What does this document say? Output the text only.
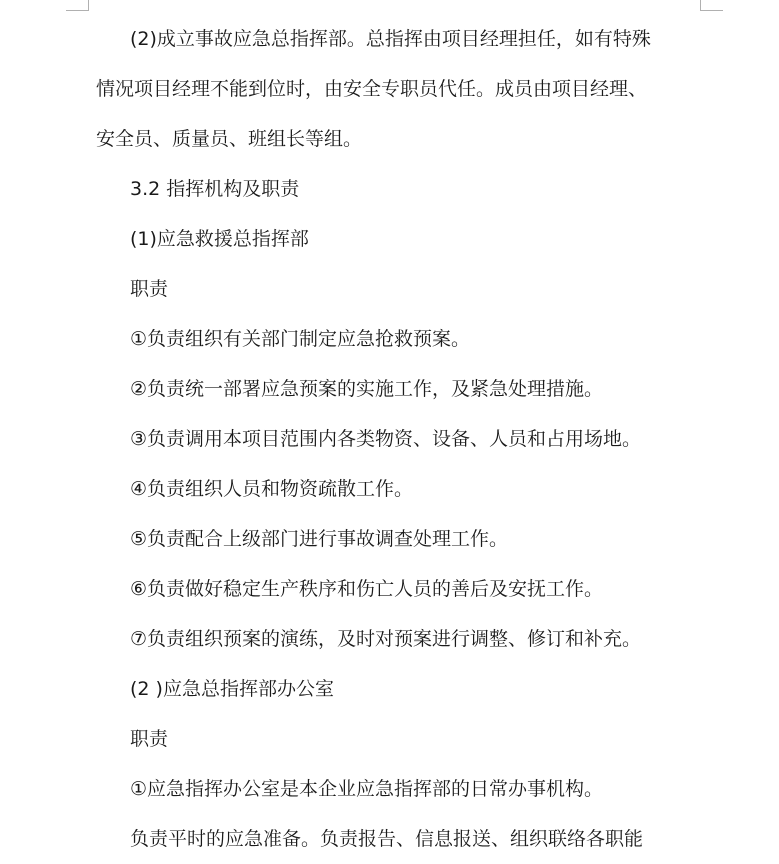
(2)成立事故应急总指挥部。总指挥由项目经理担任，如有特殊

情况项目经理不能到位时，由安全专职员代任。成员由项目经理、

安全员、质量员、班组长等组。

3.2 指挥机构及职责

(1)应急救援总指挥部

职责

①负责组织有关部门制定应急抢救预案。

②负责统一部署应急预案的实施工作，及紧急处理措施。

③负责调用本项目范围内各类物资、设备、人员和占用场地。

④负责组织人员和物资疏散工作。

⑤负责配合上级部门进行事故调查处理工作。

⑥负责做好稳定生产秩序和伤亡人员的善后及安抚工作。

⑦负责组织预案的演练，及时对预案进行调整、修订和补充。

(2 )应急总指挥部办公室

职责

①应急指挥办公室是本企业应急指挥部的日常办事机构。

负责平时的应急准备。负责报告、信息报送、组织联络各职能
